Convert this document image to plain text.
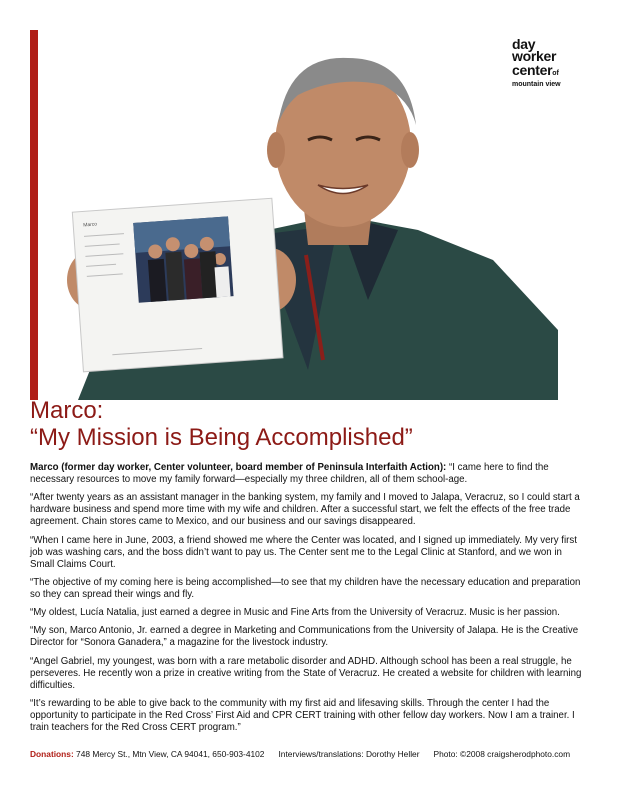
Marco
day
worker
centerof
mountain view
Marco:
“My Mission is Being Accomplished”

Marco (former day worker, Center volunteer, board member of Peninsula Interfaith Action): “I came here to find the necessary resources to move my family forward—especially my three children, all of them school-age.

“After twenty years as an assistant manager in the banking system, my family and I moved to Jalapa, Veracruz, so I could start a hardware business and spend more time with my wife and children. After a successful start, we felt the effects of the free trade agreement. Chain stores came to Mexico, and our business and our savings disappeared.

“When I came here in June, 2003, a friend showed me where the Center was located, and I signed up immediately. My very first job was washing cars, and the boss didn’t want to pay us. The Center sent me to the Legal Clinic at Stanford, and we won in Small Claims Court.

“The objective of my coming here is being accomplished—to see that my children have the necessary education and preparation so they can spread their wings and fly.

“My oldest, Lucía Natalia, just earned a degree in Music and Fine Arts from the University of Veracruz. Music is her passion.

“My son, Marco Antonio, Jr. earned a degree in Marketing and Communications from the University of Jalapa. He is the Creative Director for “Sonora Ganadera,” a magazine for the livestock industry.

“Angel Gabriel, my youngest, was born with a rare metabolic disorder and ADHD. Although school has been a real struggle, he perseveres. He recently won a prize in creative writing from the State of Veracruz. He created a website for children with learning difficulties.

“It’s rewarding to be able to give back to the community with my first aid and lifesaving skills. Through the center I had the opportunity to participate in the Red Cross’ First Aid and CPR CERT training with other fellow day workers. Now I am a trainer. I train teachers for the Red Cross CERT program.”

Donations: 748 Mercy St., Mtn View, CA 94041, 650-903-4102 Interviews/translations: Dorothy Heller Photo: ©2008 craigsherodphoto.com
